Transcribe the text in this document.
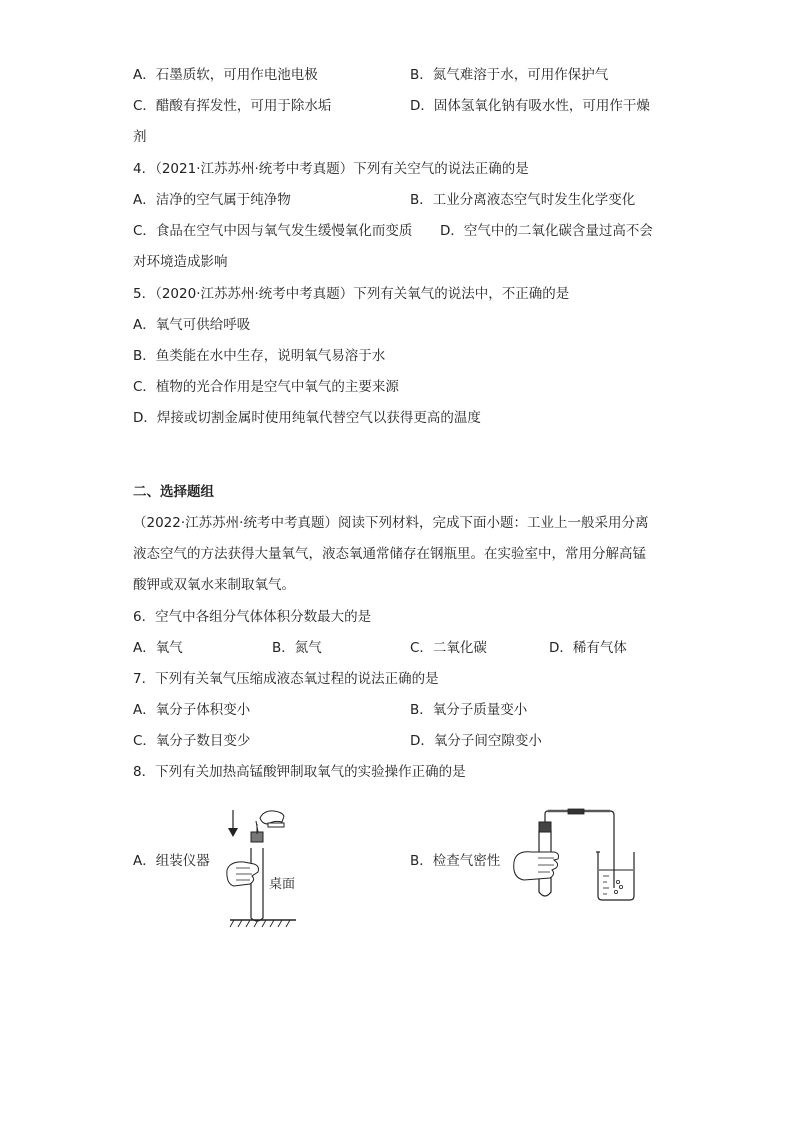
A．石墨质软，可用作电池电极	B．氮气难溶于水，可用作保护气
C．醋酸有挥发性，可用于除水垢	D．固体氢氧化钠有吸水性，可用作干燥
剂
4．（2021·江苏苏州·统考中考真题）下列有关空气的说法正确的是
A．洁净的空气属于纯净物	B．工业分离液态空气时发生化学变化
C．食品在空气中因与氧气发生缓慢氧化而变质 D．空气中的二氧化碳含量过高不会
对环境造成影响
5．（2020·江苏苏州·统考中考真题）下列有关氧气的说法中，不正确的是
A．氧气可供给呼吸
B．鱼类能在水中生存，说明氧气易溶于水
C．植物的光合作用是空气中氧气的主要来源
D．焊接或切割金属时使用纯氧代替空气以获得更高的温度
二、选择题组
（2022·江苏苏州·统考中考真题）阅读下列材料，完成下面小题：工业上一般采用分离
液态空气的方法获得大量氧气，液态氧通常储存在钢瓶里。在实验室中，常用分解高锰
酸钾或双氧水来制取氧气。
6．空气中各组分气体体积分数最大的是
A．氧气	B．氮气	C．二氧化碳	D．稀有气体
7．下列有关氧气压缩成液态氧过程的说法正确的是
A．氧分子体积变小	B．氧分子质量变小
C．氧分子数目变少	D．氧分子间空隙变小
8．下列有关加热高锰酸钾制取氧气的实验操作正确的是
A．组装仪器	B．检查气密性
桌面
